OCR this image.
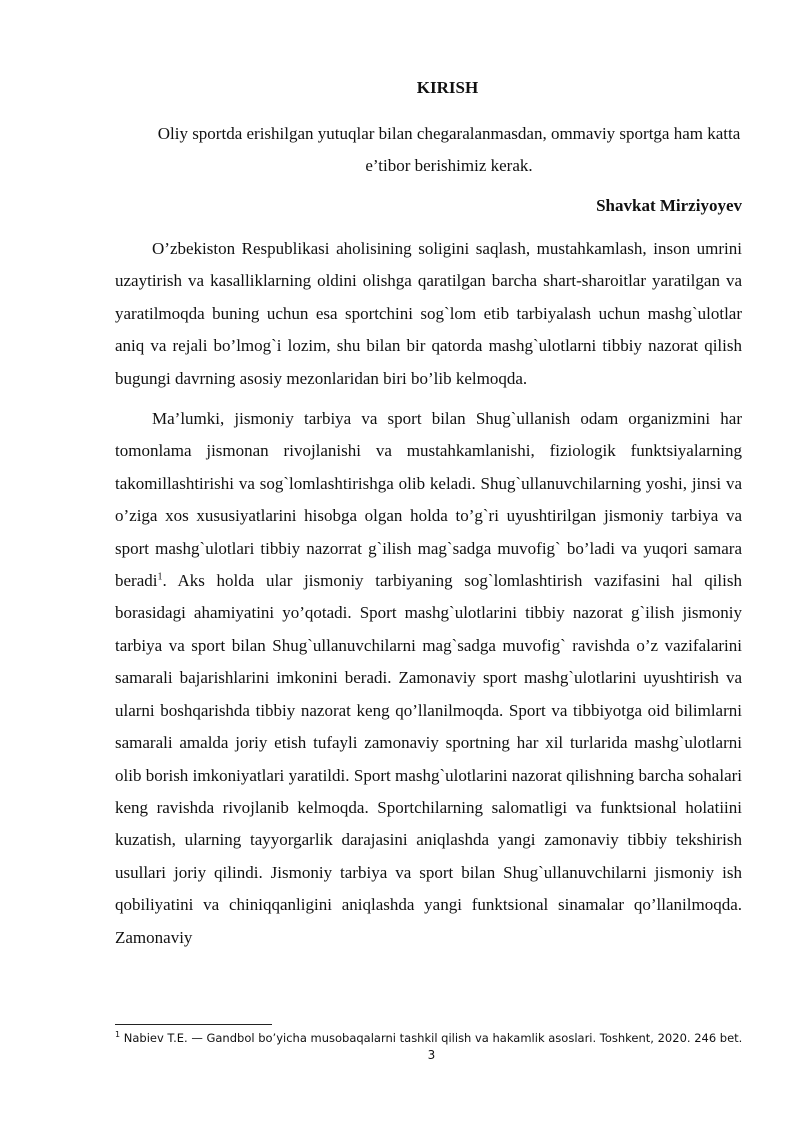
KIRISH

Oliy sportda erishilgan yutuqlar bilan chegaralanmasdan, ommaviy sportga ham katta e’tibor berishimiz kerak.

Shavkat Mirziyoyev

O’zbekiston Respublikasi aholisining soligini saqlash, mustahkamlash, inson umrini uzaytirish va kasalliklarning oldini olishga qaratilgan barcha shart-sharoitlar yaratilgan va yaratilmoqda buning uchun esa sportchini sog`lom etib tarbiyalash uchun mashg`ulotlar aniq va rejali bo’lmog`i lozim, shu bilan bir qatorda mashg`ulotlarni tibbiy nazorat qilish bugungi davrning asosiy mezonlaridan biri bo’lib kelmoqda.

Ma’lumki, jismoniy tarbiya va sport bilan Shug`ullanish odam organizmini har tomonlama jismonan rivojlanishi va mustahkamlanishi, fiziologik funktsiyalarning takomillashtirishi va sog`lomlashtirishga olib keladi. Shug`ullanuvchilarning yoshi, jinsi va o’ziga xos xususiyatlarini hisobga olgan holda to’g`ri uyushtirilgan jismoniy tarbiya va sport mashg`ulotlari tibbiy nazorrat g`ilish mag`sadga muvofig` bo’ladi va yuqori samara beradi$^1$. Aks holda ular jismoniy tarbiyaning sog`lomlashtirish vazifasini hal qilish borasidagi ahamiyatini yo’qotadi. Sport mashg`ulotlarini tibbiy nazorat g`ilish jismoniy tarbiya va sport bilan Shug`ullanuvchilarni mag`sadga muvofig` ravishda o’z vazifalarini samarali bajarishlarini imkonini beradi. Zamonaviy sport mashg`ulotlarini uyushtirish va ularni boshqarishda tibbiy nazorat keng qo’llanilmoqda. Sport va tibbiyotga oid bilimlarni samarali amalda joriy etish tufayli zamonaviy sportning har xil turlarida mashg`ulotlarni olib borish imkoniyatlari yaratildi. Sport mashg`ulotlarini nazorat qilishning barcha sohalari keng ravishda rivojlanib kelmoqda. Sportchilarning salomatligi va funktsional holatiini kuzatish, ularning tayyorgarlik darajasini aniqlashda yangi zamonaviy tibbiy tekshirish usullari joriy qilindi. Jismoniy tarbiya va sport bilan Shug`ullanuvchilarni jismoniy ish qobiliyatini va chiniqqanligini aniqlashda yangi funktsional sinamalar qo’llanilmoqda. Zamonaviy

$^1$ Nabiev T.E. — Gandbol bo’yicha musobaqalarni tashkil qilish va hakamlik asoslari. Toshkent, 2020. 246 bet.
3
